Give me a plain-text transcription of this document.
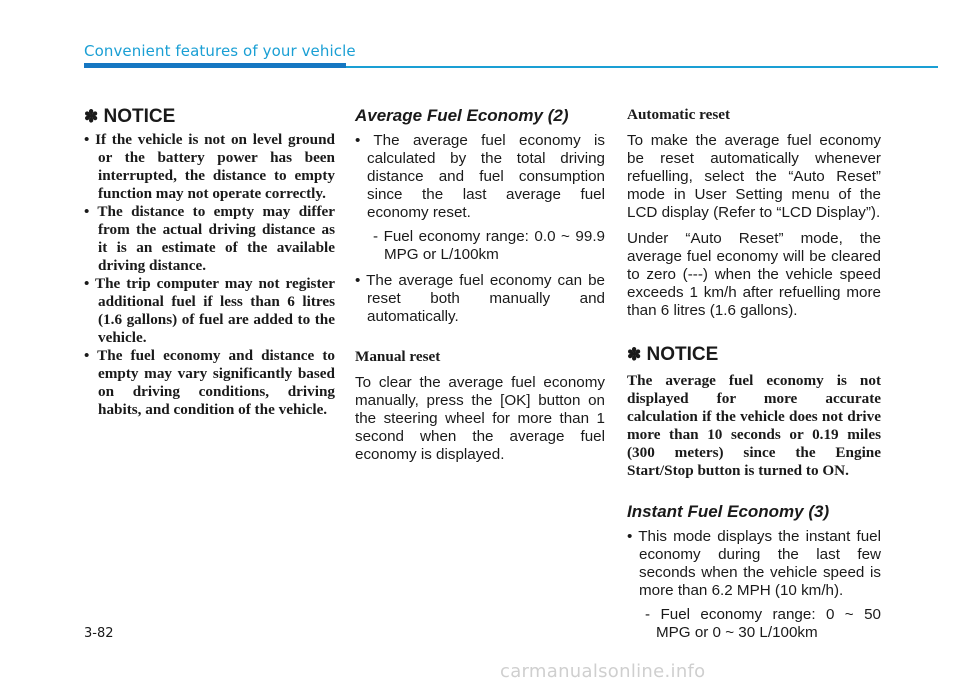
Convenient features of your vehicle
✽ NOTICE
• If the vehicle is not on level ground or the battery power has been interrupted, the distance to empty function may not operate correctly.
• The distance to empty may differ from the actual driving distance as it is an estimate of the available driving distance.
• The trip computer may not register additional fuel if less than 6 litres (1.6 gallons) of fuel are added to the vehicle.
• The fuel economy and distance to empty may vary significantly based on driving conditions, driving habits, and condition of the vehicle.
Average Fuel Economy (2)
• The average fuel economy is calculated by the total driving distance and fuel consumption since the last average fuel economy reset.
- Fuel economy range: 0.0 ~ 99.9 MPG or L/100km
• The average fuel economy can be reset both manually and automatically.
Manual reset
To clear the average fuel economy manually, press the [OK] button on the steering wheel for more than 1 second when the average fuel economy is displayed.
Automatic reset
To make the average fuel economy be reset automatically whenever refuelling, select the “Auto Reset” mode in User Setting menu of the LCD display (Refer to “LCD Display”).
Under “Auto Reset” mode, the average fuel economy will be cleared to zero (---) when the vehicle speed exceeds 1 km/h after refuelling more than 6 litres (1.6 gallons).
✽ NOTICE
The average fuel economy is not displayed for more accurate calculation if the vehicle does not drive more than 10 seconds or 0.19 miles (300 meters) since the Engine Start/Stop button is turned to ON.
Instant Fuel Economy (3)
• This mode displays the instant fuel economy during the last few seconds when the vehicle speed is more than 6.2 MPH (10 km/h).
- Fuel economy range: 0 ~ 50 MPG or 0 ~ 30 L/100km
3-82
carmanualsonline.info
